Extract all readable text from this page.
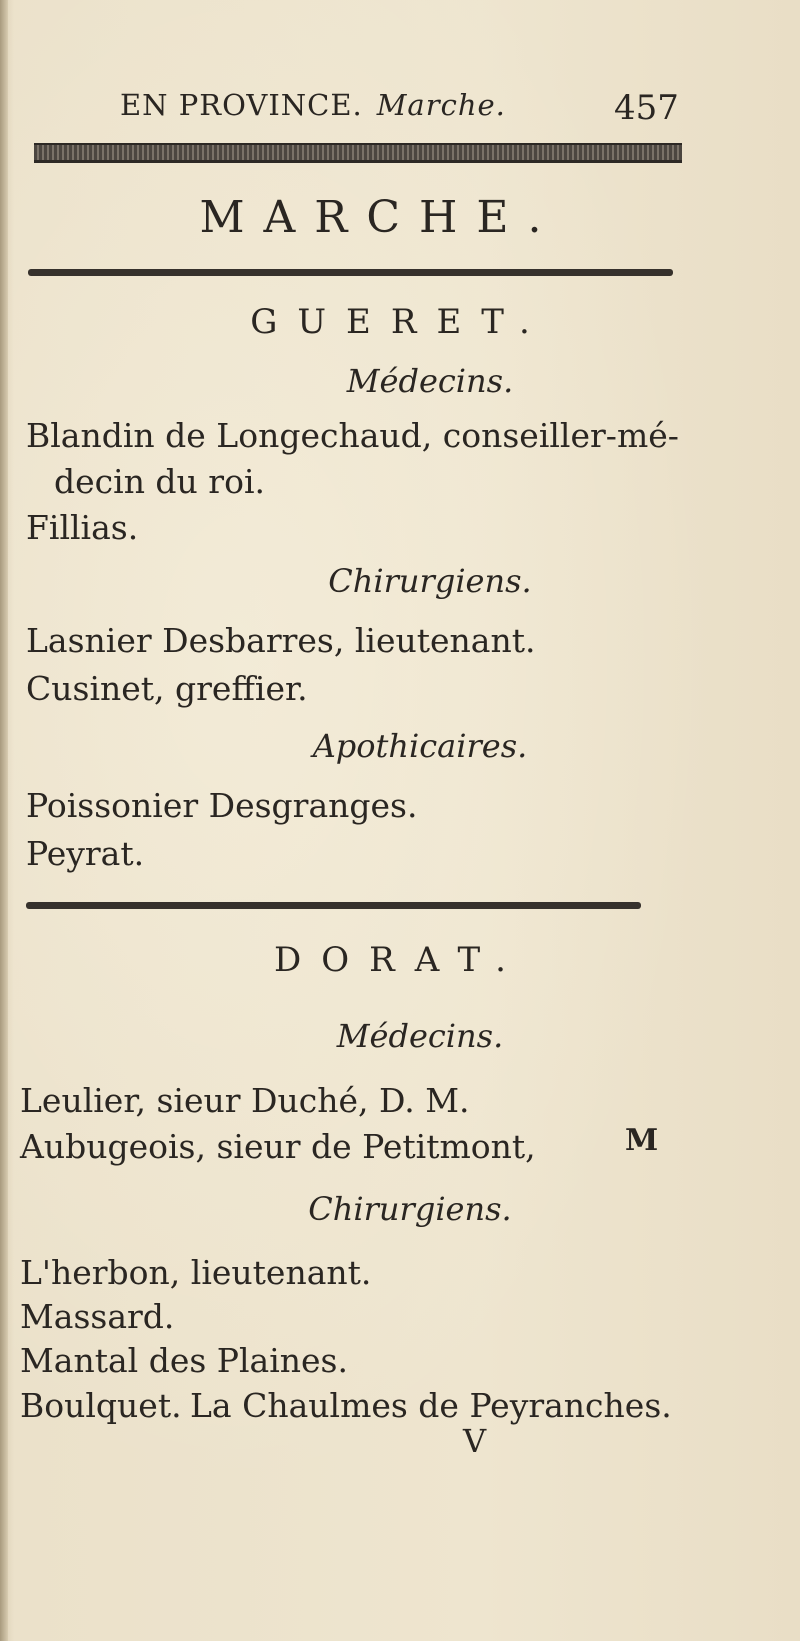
EN PROVINCE. Marche.	457
MARCHE.
GUERET.
Médecins.
Blandin de Longechaud, conseiller-mé-
decin du roi.
Fillias.
Chirurgiens.
Lasnier Desbarres, lieutenant.
Cusinet, greffier.
Apothicaires.
Poissonier Desgranges.
Peyrat.
DORAT.
Médecins.
Leulier, sieur Duché, D. M.
Aubugeois, sieur de Petitmont,	M
Chirurgiens.
L'herbon, lieutenant.
Massard.
Mantal des Plaines.
Boulquet. La Chaulmes de Peyranches.
V
